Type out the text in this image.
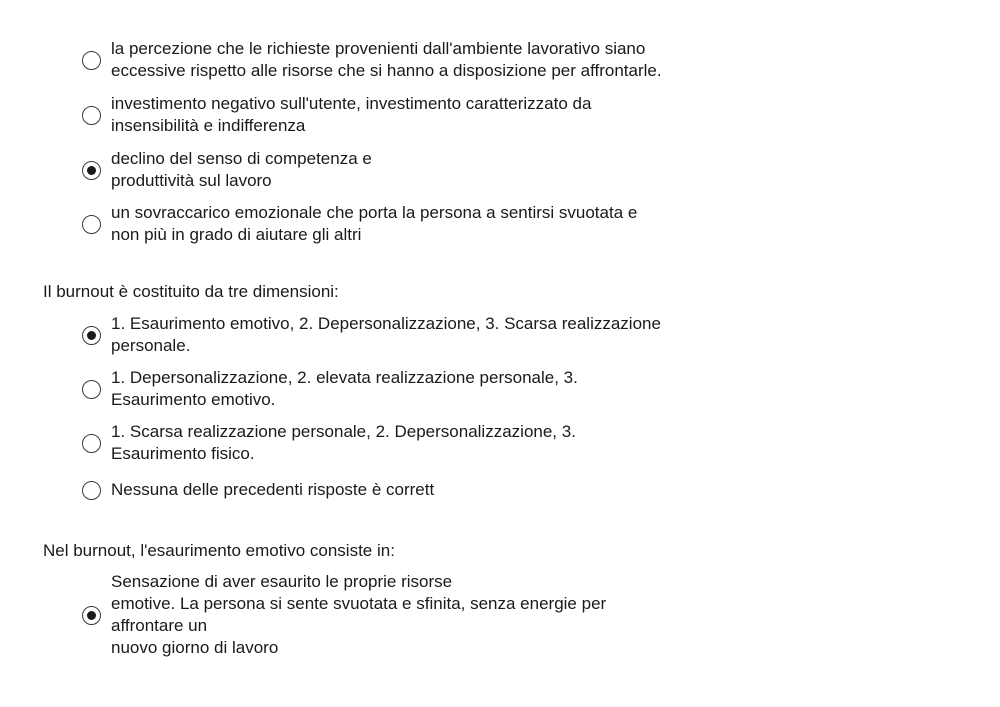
la percezione che le richieste provenienti dall'ambiente lavorativo siano
eccessive rispetto alle risorse che si hanno a disposizione per affrontarle.
investimento negativo sull'utente, investimento caratterizzato da
insensibilità e indifferenza
declino del senso di competenza e
produttività sul lavoro
un sovraccarico emozionale che porta la persona a sentirsi svuotata e
non più in grado di aiutare gli altri

Il burnout è costituito da tre dimensioni:

1. Esaurimento emotivo, 2. Depersonalizzazione, 3. Scarsa realizzazione
personale.
1. Depersonalizzazione, 2. elevata realizzazione personale, 3.
Esaurimento emotivo.
1. Scarsa realizzazione personale, 2. Depersonalizzazione, 3.
Esaurimento fisico.
Nessuna delle precedenti risposte è corrett

Nel burnout, l'esaurimento emotivo consiste in:

Sensazione di aver esaurito le proprie risorse
emotive. La persona si sente svuotata e sfinita, senza energie per
affrontare un
nuovo giorno di lavoro
